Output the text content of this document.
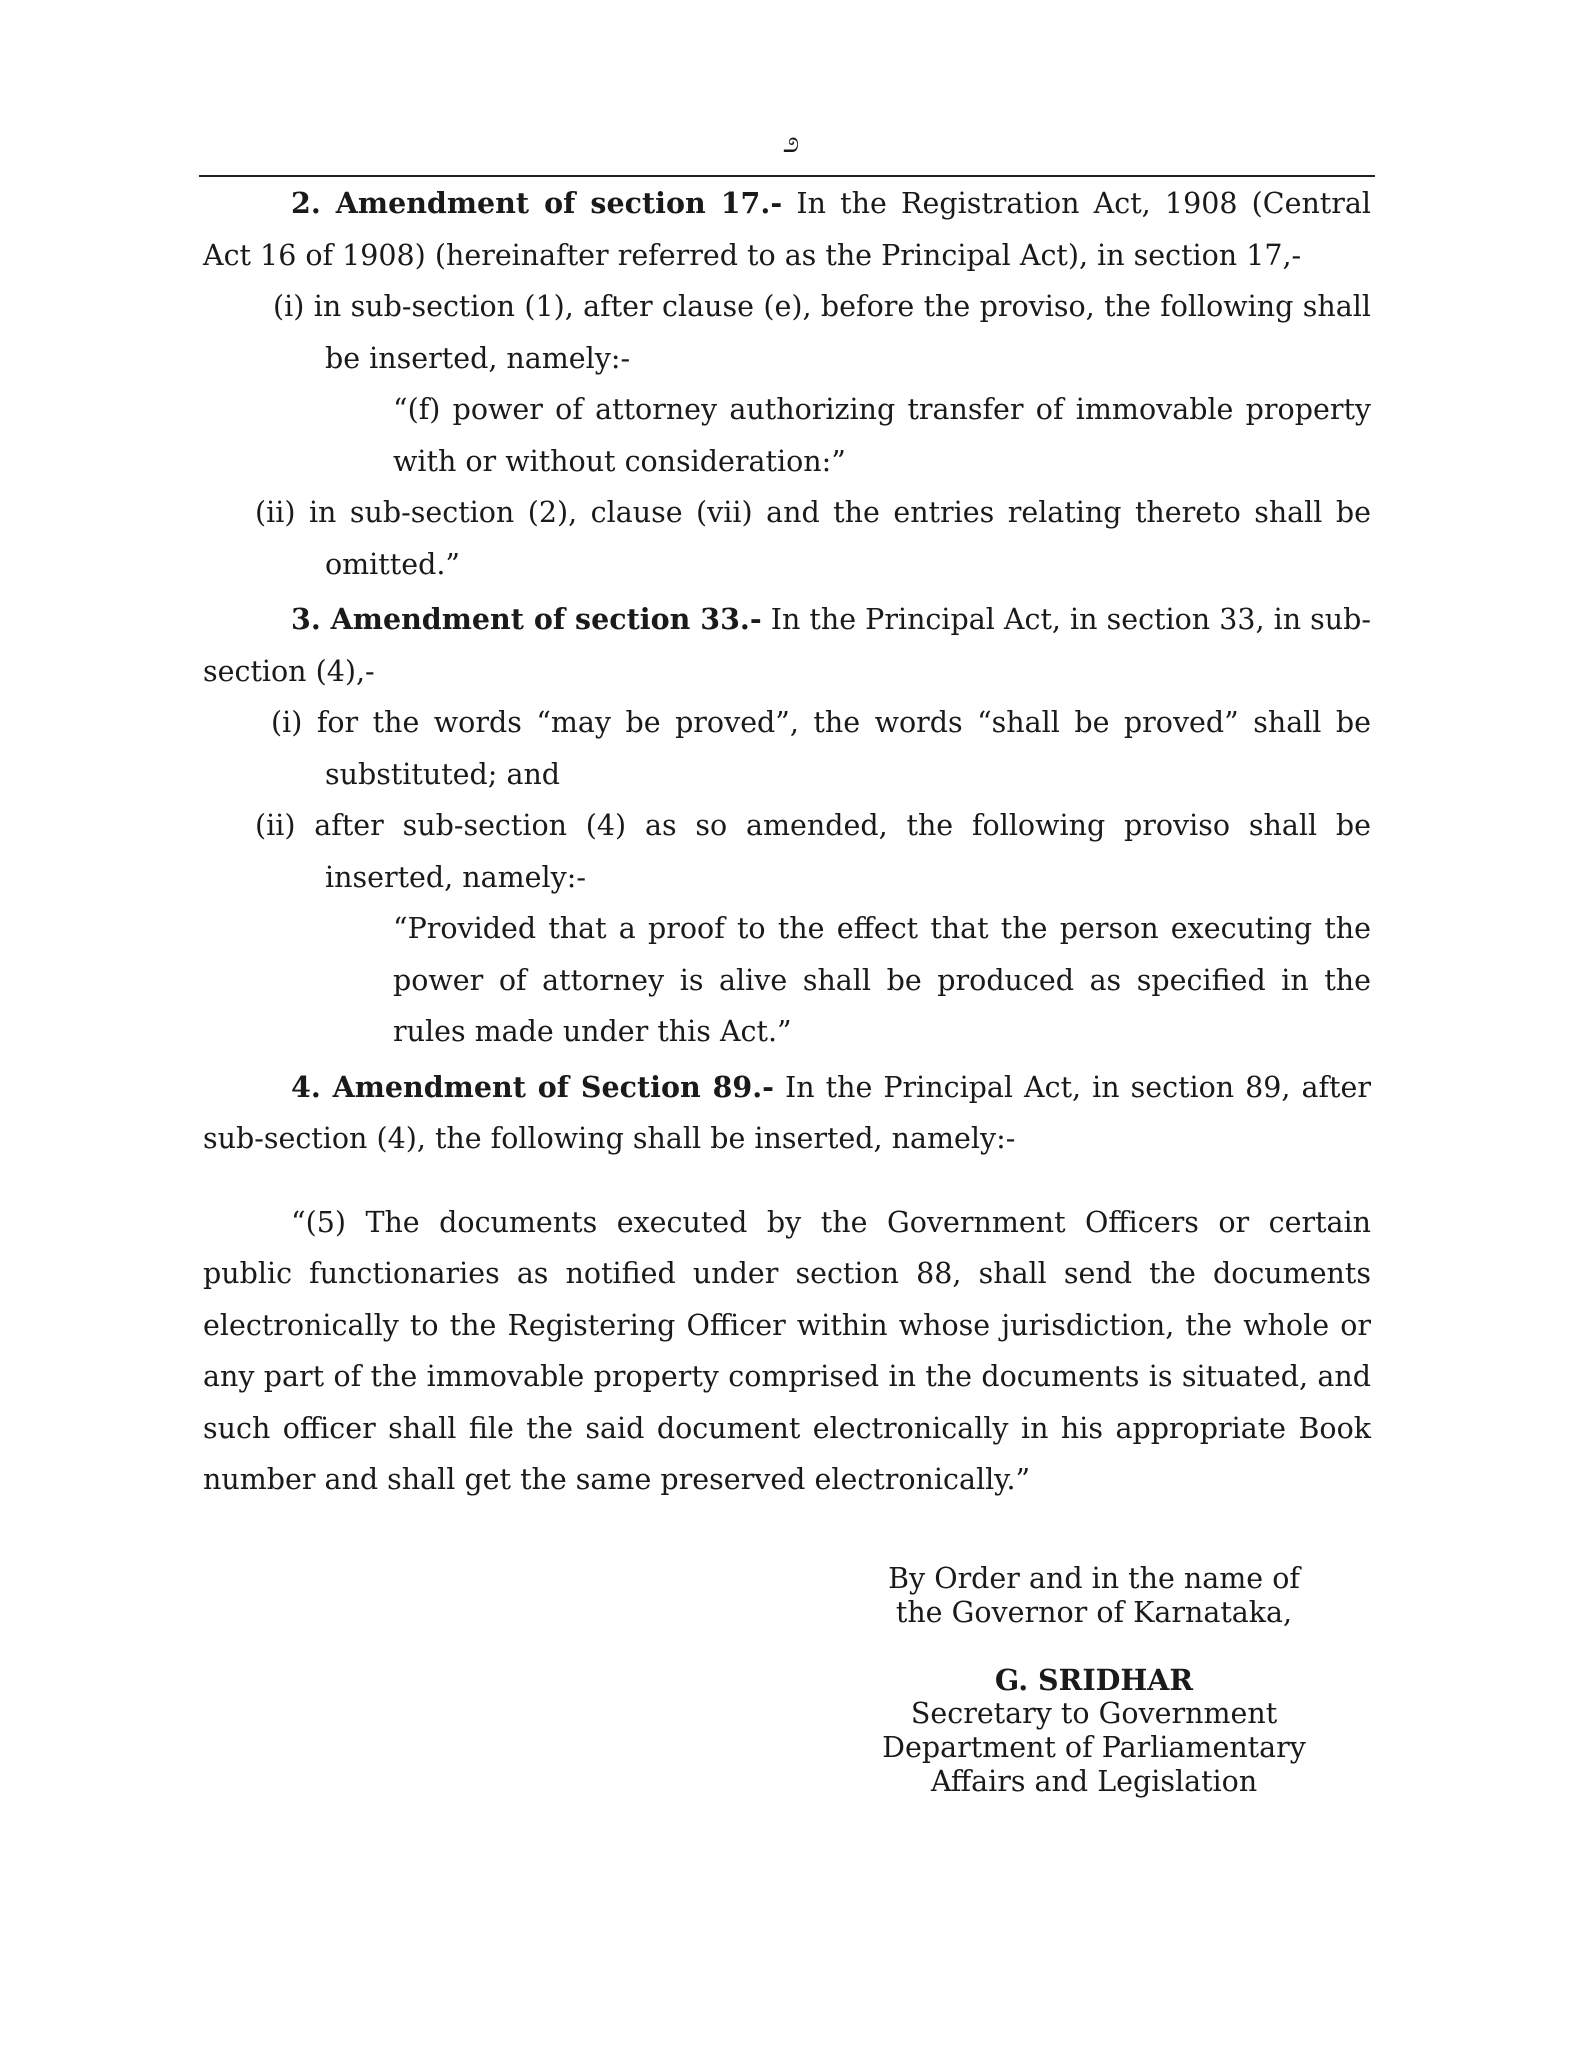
೨

2. Amendment of section 17.- In the Registration Act, 1908 (Central Act 16 of 1908) (hereinafter referred to as the Principal Act), in section 17,-

(i) in sub-section (1), after clause (e), before the proviso, the following shall be inserted, namely:-

“(f) power of attorney authorizing transfer of immovable property with or without consideration:”

(ii) in sub-section (2), clause (vii) and the entries relating thereto shall be omitted.”

3. Amendment of section 33.- In the Principal Act, in section 33, in sub-section (4),-

(i) for the words “may be proved”, the words “shall be proved” shall be substituted; and

(ii) after sub-section (4) as so amended, the following proviso shall be inserted, namely:-

“Provided that a proof to the effect that the person executing the power of attorney is alive shall be produced as specified in the rules made under this Act.”

4. Amendment of Section 89.- In the Principal Act, in section 89, after sub-section (4), the following shall be inserted, namely:-

“(5) The documents executed by the Government Officers or certain public functionaries as notified under section 88, shall send the documents electronically to the Registering Officer within whose jurisdiction, the whole or any part of the immovable property comprised in the documents is situated, and such officer shall file the said document electronically in his appropriate Book number and shall get the same preserved electronically.”

By Order and in the name of
the Governor of Karnataka,
G. SRIDHAR
Secretary to Government
Department of Parliamentary
Affairs and Legislation
